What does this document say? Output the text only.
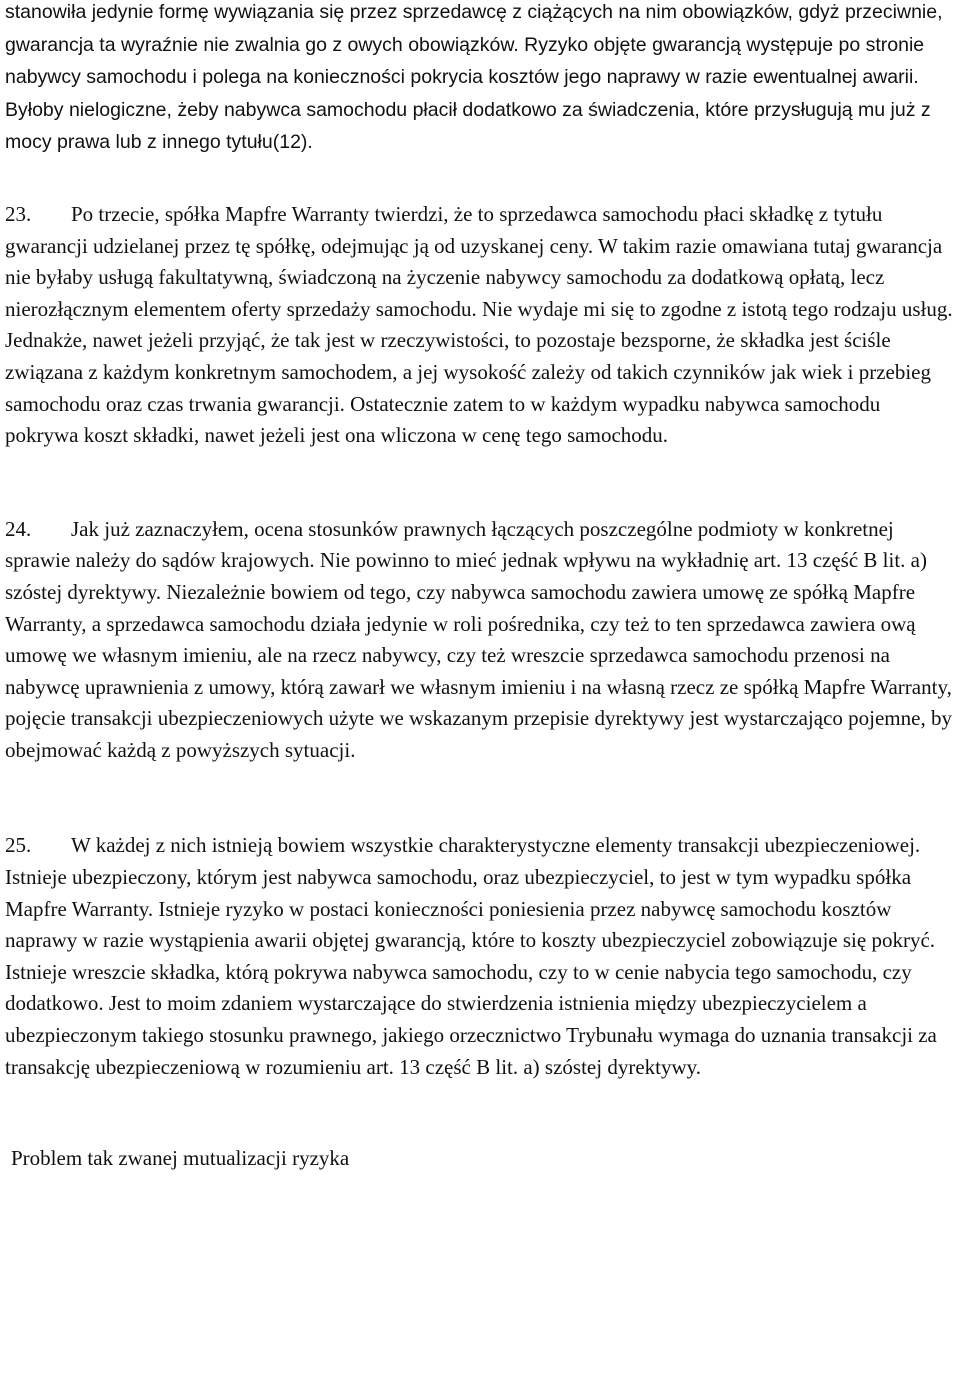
stanowiła jedynie formę wywiązania się przez sprzedawcę z ciążących na nim obowiązków, gdyż przeciwnie, gwarancja ta wyraźnie nie zwalnia go z owych obowiązków. Ryzyko objęte gwarancją występuje po stronie nabywcy samochodu i polega na konieczności pokrycia kosztów jego naprawy w razie ewentualnej awarii. Byłoby nielogiczne, żeby nabywca samochodu płacił dodatkowo za świadczenia, które przysługują mu już z mocy prawa lub z innego tytułu(12).

23. Po trzecie, spółka Mapfre Warranty twierdzi, że to sprzedawca samochodu płaci składkę z tytułu gwarancji udzielanej przez tę spółkę, odejmując ją od uzyskanej ceny. W takim razie omawiana tutaj gwarancja nie byłaby usługą fakultatywną, świadczoną na życzenie nabywcy samochodu za dodatkową opłatą, lecz nierozłącznym elementem oferty sprzedaży samochodu. Nie wydaje mi się to zgodne z istotą tego rodzaju usług. Jednakże, nawet jeżeli przyjąć, że tak jest w rzeczywistości, to pozostaje bezsporne, że składka jest ściśle związana z każdym konkretnym samochodem, a jej wysokość zależy od takich czynników jak wiek i przebieg samochodu oraz czas trwania gwarancji. Ostatecznie zatem to w każdym wypadku nabywca samochodu pokrywa koszt składki, nawet jeżeli jest ona wliczona w cenę tego samochodu.

24. Jak już zaznaczyłem, ocena stosunków prawnych łączących poszczególne podmioty w konkretnej sprawie należy do sądów krajowych. Nie powinno to mieć jednak wpływu na wykładnię art. 13 część B lit. a) szóstej dyrektywy. Niezależnie bowiem od tego, czy nabywca samochodu zawiera umowę ze spółką Mapfre Warranty, a sprzedawca samochodu działa jedynie w roli pośrednika, czy też to ten sprzedawca zawiera ową umowę we własnym imieniu, ale na rzecz nabywcy, czy też wreszcie sprzedawca samochodu przenosi na nabywcę uprawnienia z umowy, którą zawarł we własnym imieniu i na własną rzecz ze spółką Mapfre Warranty, pojęcie transakcji ubezpieczeniowych użyte we wskazanym przepisie dyrektywy jest wystarczająco pojemne, by obejmować każdą z powyższych sytuacji.

25. W każdej z nich istnieją bowiem wszystkie charakterystyczne elementy transakcji ubezpieczeniowej. Istnieje ubezpieczony, którym jest nabywca samochodu, oraz ubezpieczyciel, to jest w tym wypadku spółka Mapfre Warranty. Istnieje ryzyko w postaci konieczności poniesienia przez nabywcę samochodu kosztów naprawy w razie wystąpienia awarii objętej gwarancją, które to koszty ubezpieczyciel zobowiązuje się pokryć. Istnieje wreszcie składka, którą pokrywa nabywca samochodu, czy to w cenie nabycia tego samochodu, czy dodatkowo. Jest to moim zdaniem wystarczające do stwierdzenia istnienia między ubezpieczycielem a ubezpieczonym takiego stosunku prawnego, jakiego orzecznictwo Trybunału wymaga do uznania transakcji za transakcję ubezpieczeniową w rozumieniu art. 13 część B lit. a) szóstej dyrektywy.

Problem tak zwanej mutualizacji ryzyka
